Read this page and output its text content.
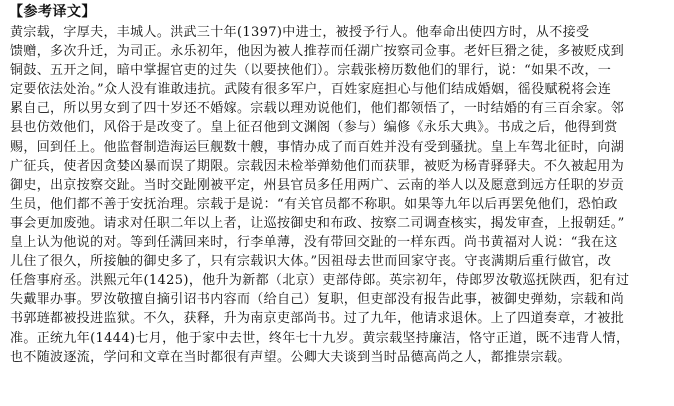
【 参考译文 】
黄宗载，字厚夫，丰城人。洪武三十年(1397)中进士，被授予行人。他奉命出使四方时，从不接受
馈赠，多次升迁，为司正。永乐初年，他因为被人推荐而任湖广按察司佥事。老奸巨猾之徒，多被贬戍到
铜鼓、五开之间，暗中掌握官吏的过失（以要挟他们）。宗载张榜历数他们的罪行，说：“如果不改，一
定要依法处治。”众人没有谁敢违抗。武陵有很多军户，百姓家庭担心与他们结成婚姻，徭役赋税将会连
累自己，所以男女到了四十岁还不婚嫁。宗载以理劝说他们，他们都领悟了，一时结婚的有三百余家。邻
县也仿效他们，风俗于是改变了。皇上征召他到文渊阁（参与）编修《永乐大典》。书成之后，他得到赏
赐，回到任上。他监督制造海运巨舰数十艘，事情办成了而百姓并没有受到骚扰。皇上车驾北征时，向湖
广征兵，使者因贪婪凶暴而误了期限。宗载因未检举弹劾他们而获罪，被贬为杨青驿驿夫。不久被起用为
御史，出京按察交趾。当时交趾刚被平定，州县官员多任用两广、云南的举人以及愿意到远方任职的岁贡
生员，他们都不善于安抚治理。宗载于是说：“有关官员都不称职。如果等九年以后再罢免他们，恐怕政
事会更加废弛。请求对任职二年以上者，让巡按御史和布政、按察二司调查核实，揭发审查，上报朝廷。”
皇上认为他说的对。等到任满回来时，行李单薄，没有带回交趾的一样东西。尚书黄福对人说：“我在这
儿住了很久，所接触的御史多了，只有宗载识大体。”因祖母去世而回家守丧。守丧满期后重行做官，改
任詹事府丞。洪熙元年(1425)，他升为新都（北京）吏部侍郎。英宗初年，侍郎罗汝敬巡抚陕西，犯有过
失戴罪办事。罗汝敬擅自摘引诏书内容而（给自己）复职，但吏部没有报告此事，被御史弹劾，宗载和尚
书郭琏都被投进监狱。不久，获释，升为南京吏部尚书。过了九年，他请求退休。上了四道奏章，才被批
准。正统九年(1444)七月，他于家中去世，终年七十九岁。黄宗载坚持廉洁，恪守正道，既不违背人情，
也不随波逐流，学问和文章在当时都很有声望。公卿大夫谈到当时品德高尚之人，都推崇宗载。
